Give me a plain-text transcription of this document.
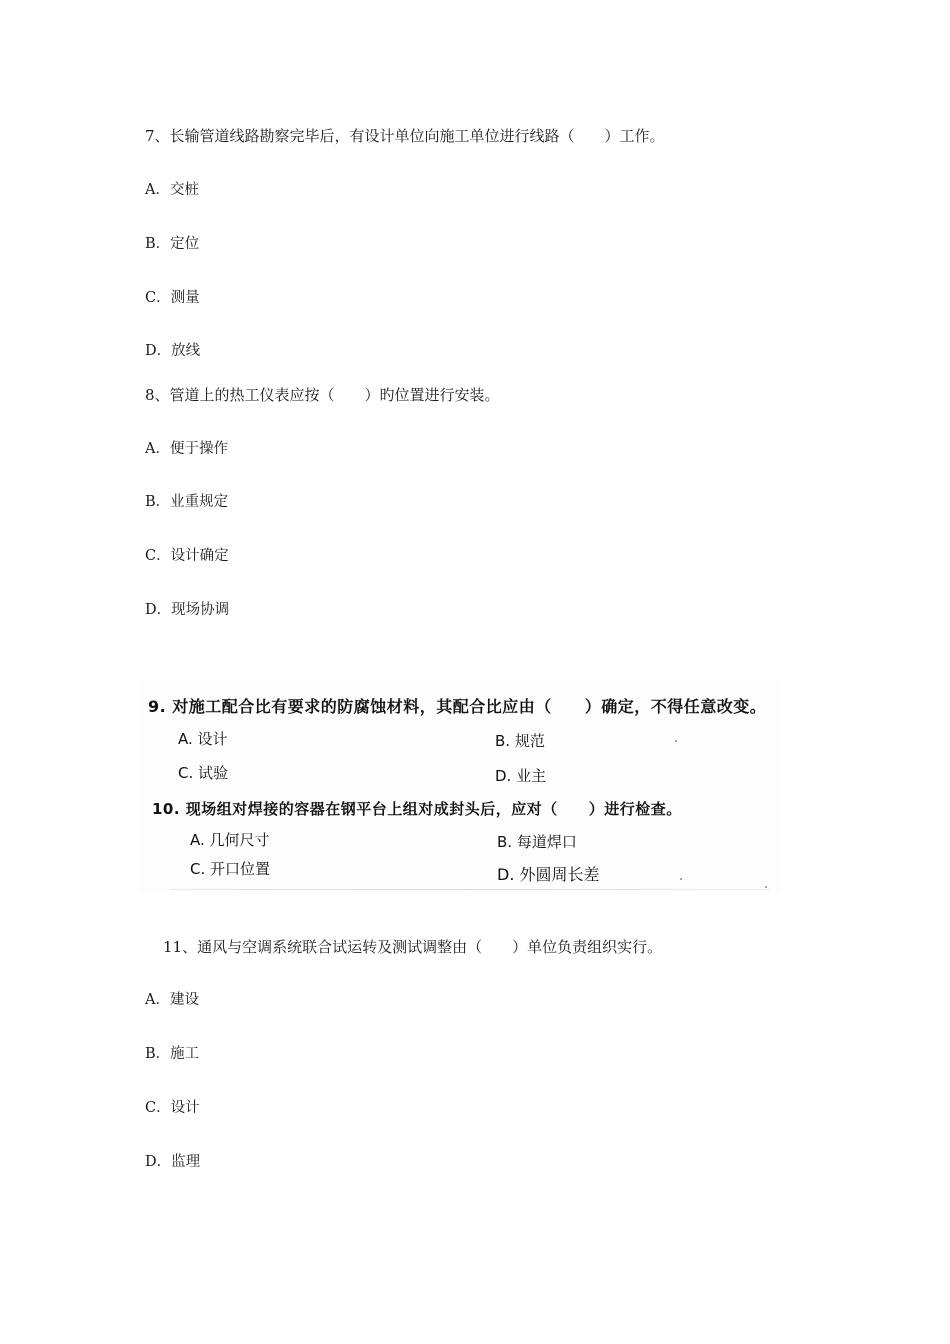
7、长输管道线路勘察完毕后，有设计单位向施工单位进行线路（　　）工作。
A．交桩
B．定位
C．测量
D．放线
8、管道上的热工仪表应按（　　）旳位置进行安装。
A．便于操作
B．业重规定
C．设计确定
D．现场协调
9. 对施工配合比有要求的防腐蚀材料，其配合比应由（　　）确定，不得任意改变。
A. 设计	B. 规范
C. 试验	D. 业主
10. 现场组对焊接的容器在钢平台上组对成封头后，应对（　　）进行检查。
A. 几何尺寸	B. 每道焊口
C. 开口位置	D. 外圆周长差
11、通风与空调系统联合试运转及测试调整由（　　）单位负责组织实行。
A．建设
B．施工
C．设计
D．监理
